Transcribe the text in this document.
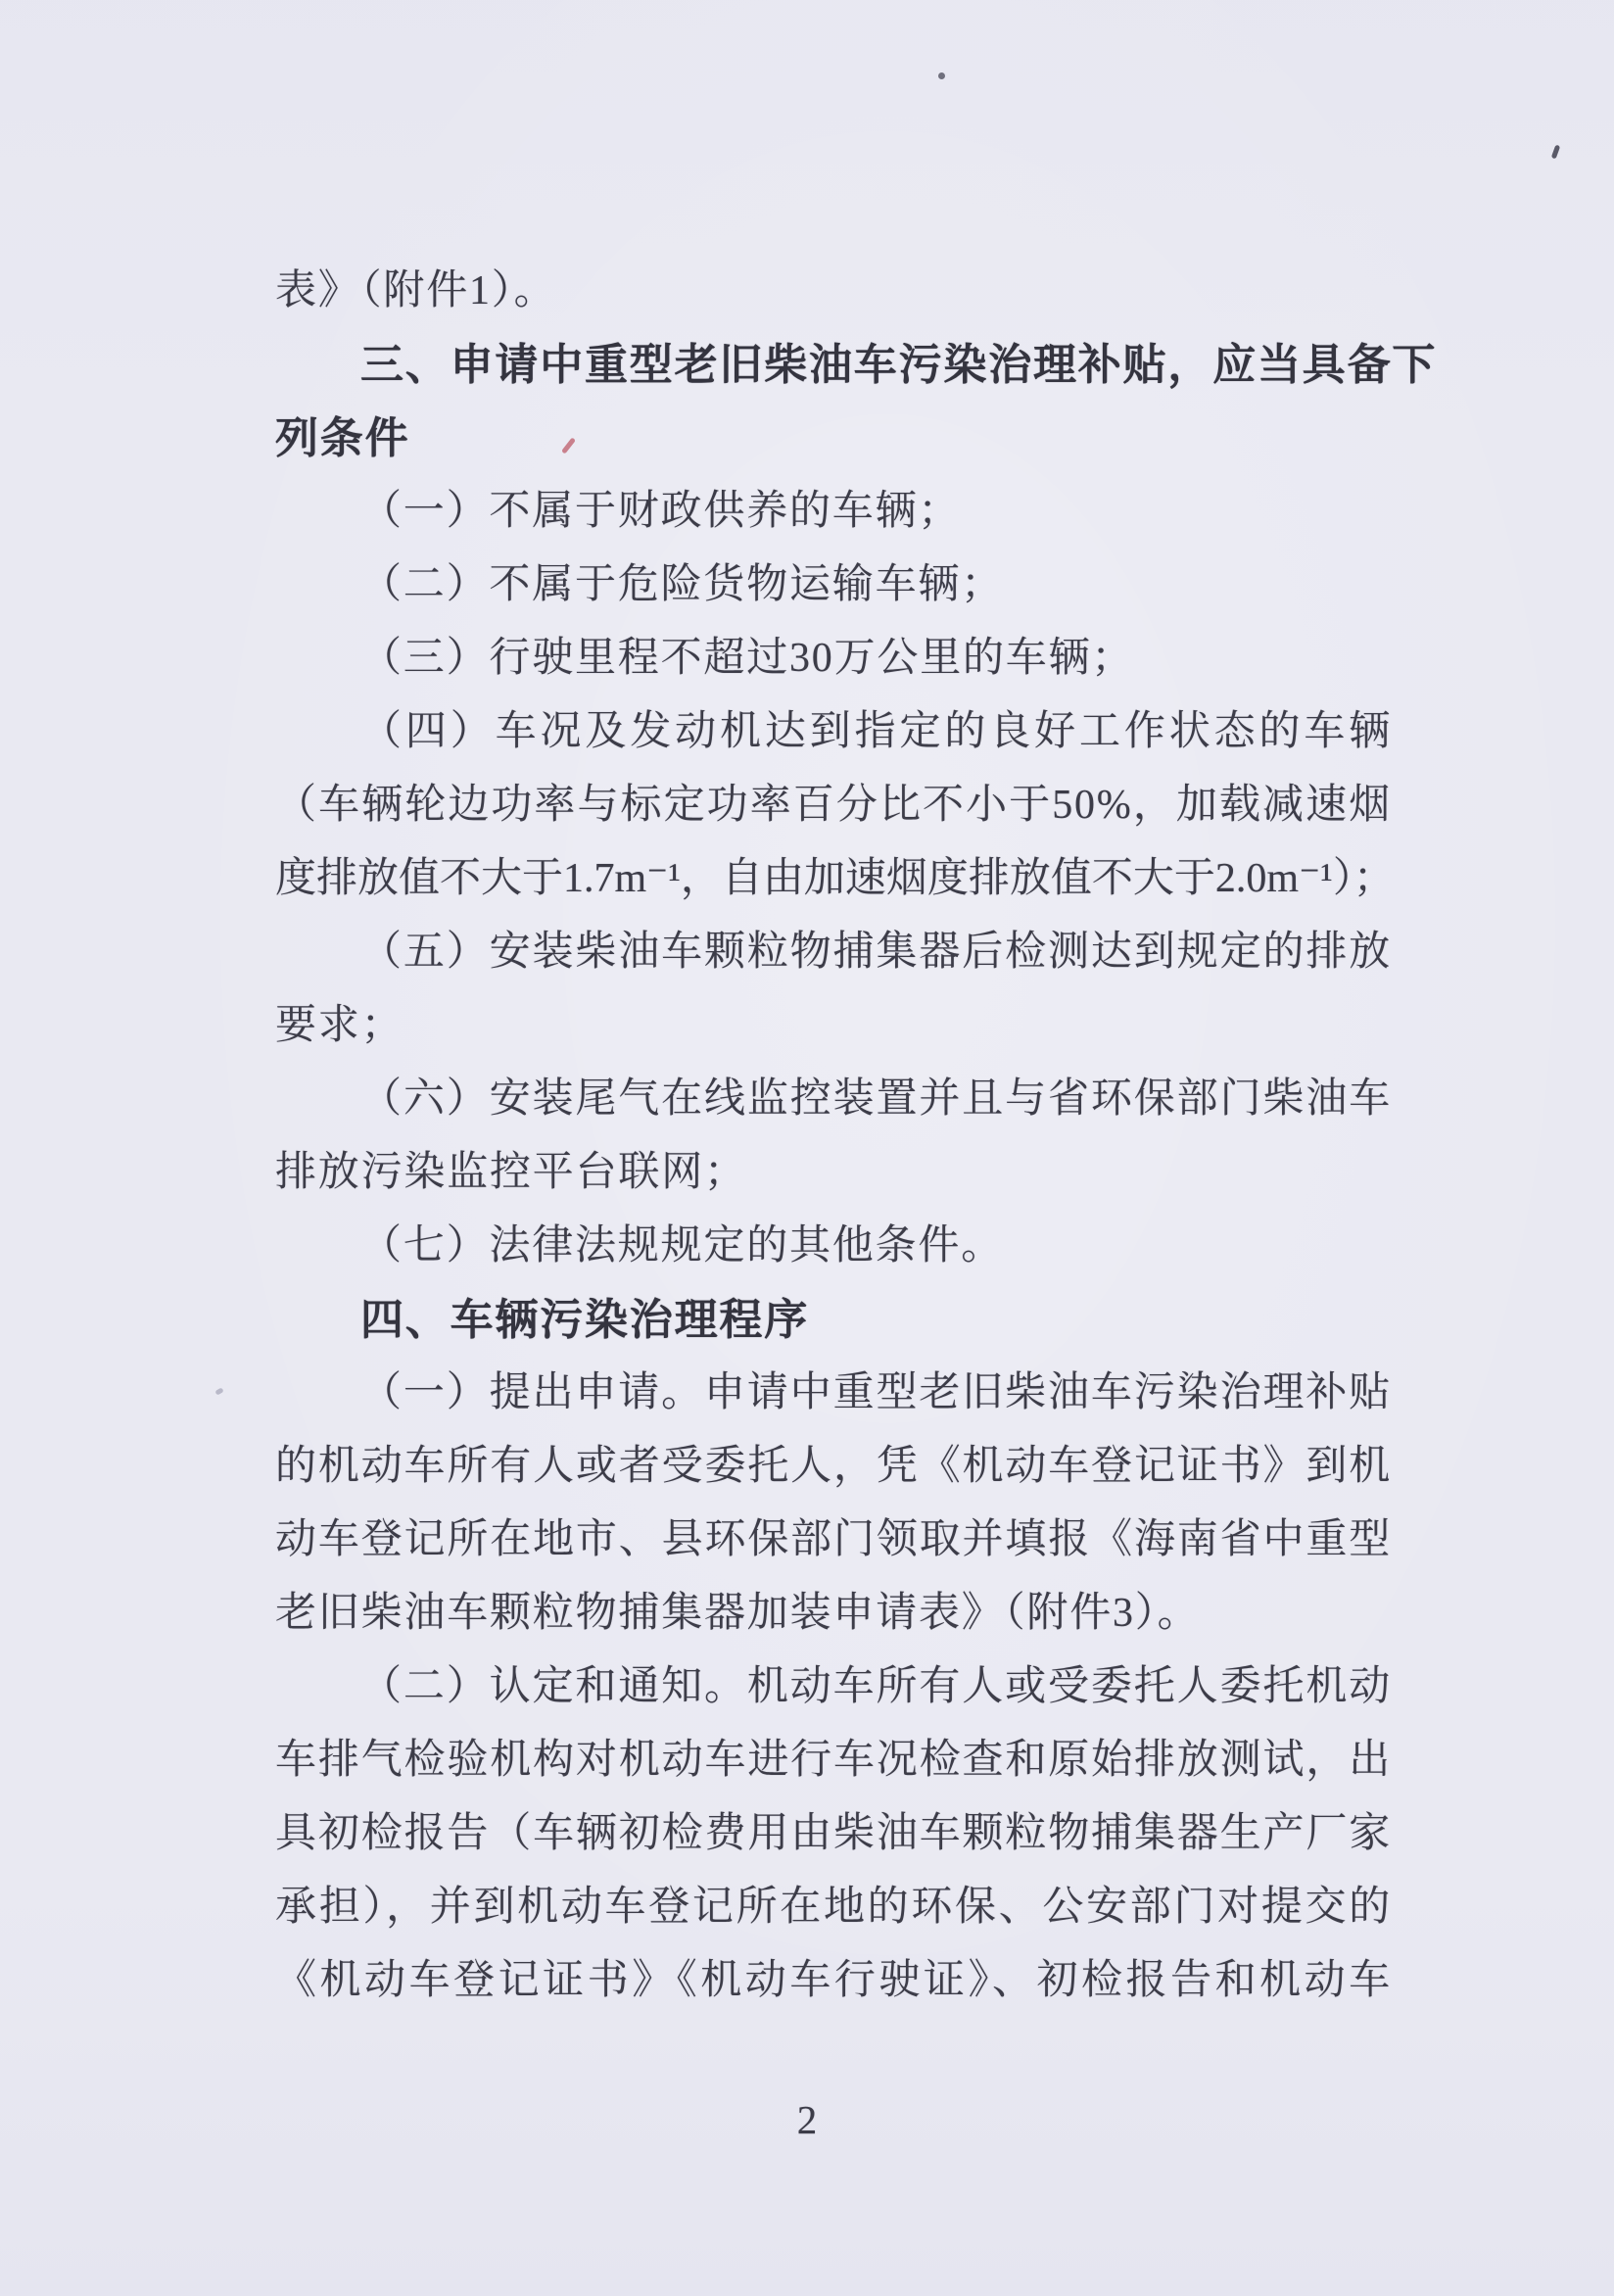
表》（附件1）。
三、申请中重型老旧柴油车污染治理补贴，应当具备下
列条件
（一）不属于财政供养的车辆；
（二）不属于危险货物运输车辆；
（三）行驶里程不超过30万公里的车辆；
（四）车况及发动机达到指定的良好工作状态的车辆
（车辆轮边功率与标定功率百分比不小于50%，加载减速烟
度排放值不大于1.7m⁻¹，自由加速烟度排放值不大于2.0m⁻¹）；
（五）安装柴油车颗粒物捕集器后检测达到规定的排放
要求；
（六）安装尾气在线监控装置并且与省环保部门柴油车
排放污染监控平台联网；
（七）法律法规规定的其他条件。
四、车辆污染治理程序
（一）提出申请。申请中重型老旧柴油车污染治理补贴
的机动车所有人或者受委托人，凭《机动车登记证书》到机
动车登记所在地市、县环保部门领取并填报《海南省中重型
老旧柴油车颗粒物捕集器加装申请表》（附件3）。
（二）认定和通知。机动车所有人或受委托人委托机动
车排气检验机构对机动车进行车况检查和原始排放测试，出
具初检报告（车辆初检费用由柴油车颗粒物捕集器生产厂家
承担），并到机动车登记所在地的环保、公安部门对提交的
《机动车登记证书》《机动车行驶证》、初检报告和机动车
2
